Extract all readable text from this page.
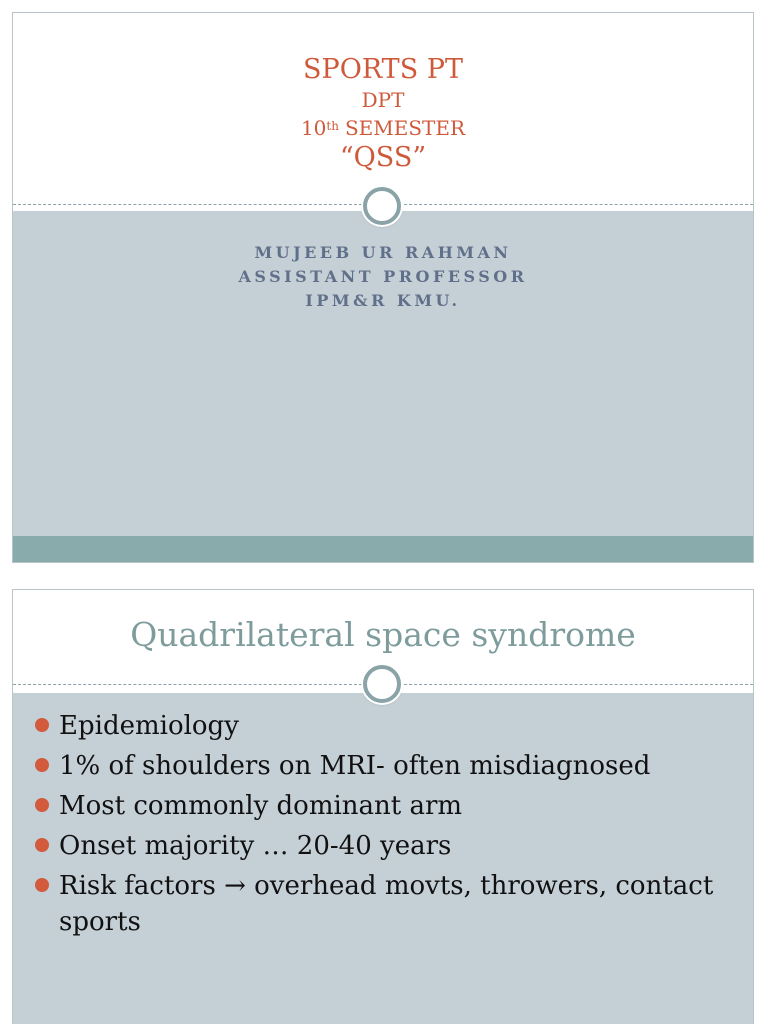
SPORTS PT
DPT
10th SEMESTER
“QSS”
MUJEEB UR RAHMAN
ASSISTANT PROFESSOR
IPM&R KMU.
Quadrilateral space syndrome
Epidemiology
1% of shoulders on MRI- often misdiagnosed
Most commonly dominant arm
Onset majority … 20-40 years
Risk factors → overhead movts, throwers, contact sports
